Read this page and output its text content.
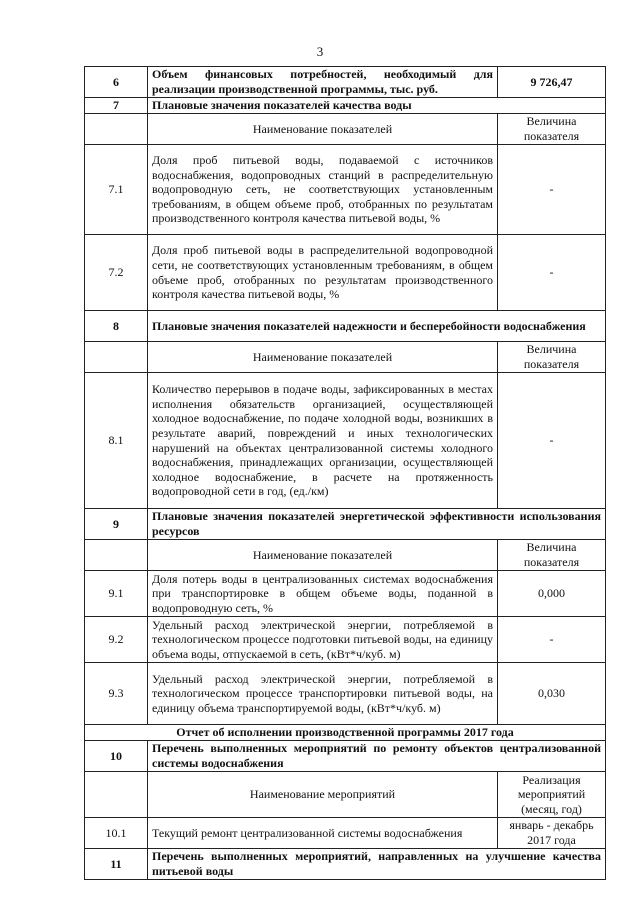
3
6	Объем финансовых потребностей, необходимый для реализации производственной программы, тыс. руб.	9 726,47
7	Плановые значения показателей качества воды	
	Наименование показателей	Величина показателя
7.1	Доля проб питьевой воды, подаваемой с источников водоснабжения, водопроводных станций в распределительную водопроводную сеть, не соответствующих установленным требованиям, в общем объеме проб, отобранных по результатам производственного контроля качества питьевой воды, %	-
7.2	Доля проб питьевой воды в распределительной водопроводной сети, не соответствующих установленным требованиям, в общем объеме проб, отобранных по результатам производственного контроля качества питьевой воды, %	-
8	Плановые значения показателей надежности и бесперебойности водоснабжения	
	Наименование показателей	Величина показателя
8.1	Количество перерывов в подаче воды, зафиксированных в местах исполнения обязательств организацией, осуществляющей холодное водоснабжение, по подаче холодной воды, возникших в результате аварий, повреждений и иных технологических нарушений на объектах централизованной системы холодного водоснабжения, принадлежащих организации, осуществляющей холодное водоснабжение, в расчете на протяженность водопроводной сети в год, (ед./км)	-
9	Плановые значения показателей энергетической эффективности использования ресурсов	
	Наименование показателей	Величина показателя
9.1	Доля потерь воды в централизованных системах водоснабжения при транспортировке в общем объеме воды, поданной в водопроводную сеть, %	0,000
9.2	Удельный расход электрической энергии, потребляемой в технологическом процессе подготовки питьевой воды, на единицу объема воды, отпускаемой в сеть, (кВт*ч/куб. м)	-
9.3	Удельный расход электрической энергии, потребляемой в технологическом процессе транспортировки питьевой воды, на единицу объема транспортируемой воды, (кВт*ч/куб. м)	0,030
Отчет об исполнении производственной программы 2017 года		
10	Перечень выполненных мероприятий по ремонту объектов централизованной системы водоснабжения	
	Наименование мероприятий	Реализация мероприятий (месяц, год)
10.1	Текущий ремонт централизованной системы водоснабжения	январь - декабрь 2017 года
11	Перечень выполненных мероприятий, направленных на улучшение качества питьевой воды	
